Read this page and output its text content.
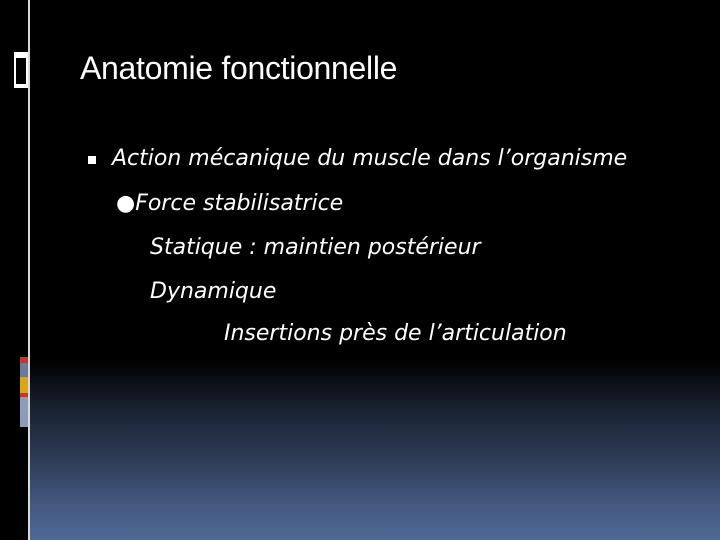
Anatomie fonctionnelle
Action mécanique du muscle dans l’organisme
●Force stabilisatrice
Statique : maintien postérieur
Dynamique
Insertions près de l’articulation
